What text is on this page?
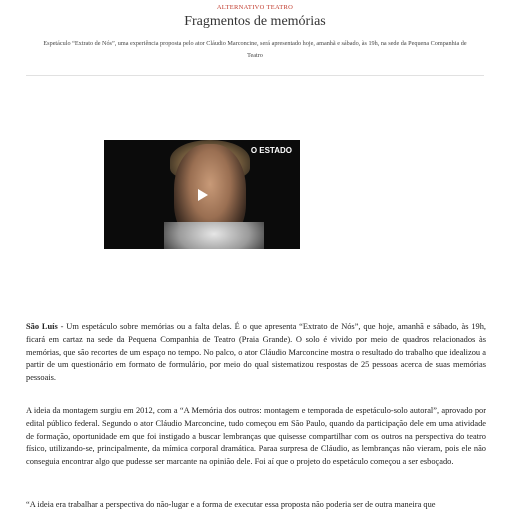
ALTERNATIVO TEATRO
Fragmentos de memórias
Espetáculo “Extrato de Nós”, uma experiência proposta pelo ator Cláudio Marconcine, será apresentado hoje, amanhã e sábado, às 19h, na sede da Pequena Companhia de Teatro
O ESTADO

São Luís - Um espetáculo sobre memórias ou a falta delas. É o que apresenta “Extrato de Nós”, que hoje, amanhã e sábado, às 19h, ficará em cartaz na sede da Pequena Companhia de Teatro (Praia Grande). O solo é vivido por meio de quadros relacionados às memórias, que são recortes de um espaço no tempo. No palco, o ator Cláudio Marconcine mostra o resultado do trabalho que idealizou a partir de um questionário em formato de formulário, por meio do qual sistematizou respostas de 25 pessoas acerca de suas memórias pessoais.

A ideia da montagem surgiu em 2012, com a “A Memória dos outros: montagem e temporada de espetáculo-solo autoral”, aprovado por edital público federal. Segundo o ator Cláudio Marconcine, tudo começou em São Paulo, quando da participação dele em uma atividade de formação, oportunidade em que foi instigado a buscar lembranças que quisesse compartilhar com os outros na perspectiva do teatro físico, utilizando-se, principalmente, da mímica corporal dramática. Paraa surpresa de Cláudio, as lembranças não vieram, pois ele não conseguia encontrar algo que pudesse ser marcante na opinião dele. Foi aí que o projeto do espetáculo começou a ser esboçado.

“A ideia era trabalhar a perspectiva do não-lugar e a forma de executar essa proposta não poderia ser de outra maneira que
